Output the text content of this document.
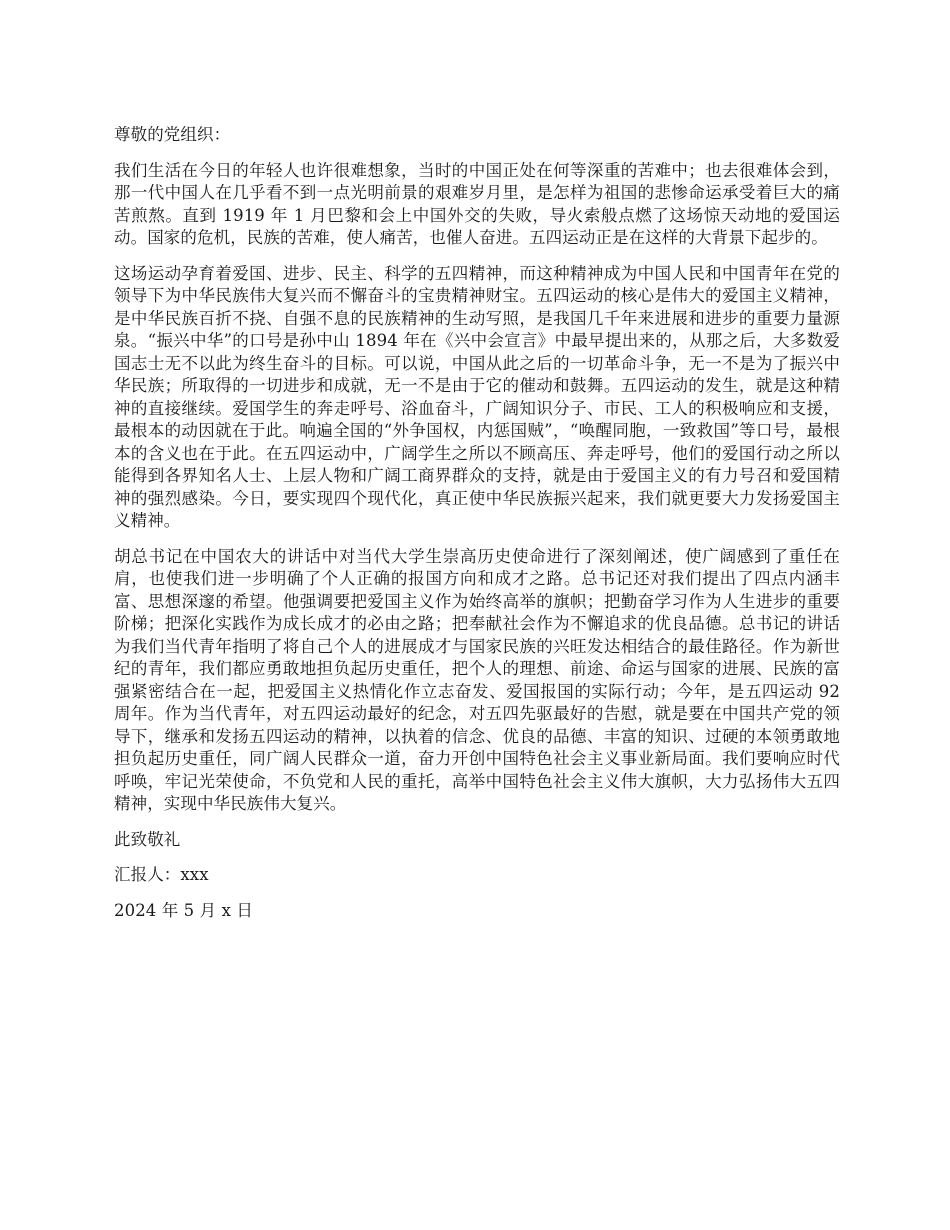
尊敬的党组织：

我们生活在今日的年轻人也许很难想象，当时的中国正处在何等深重的苦难中；也去很难体会到，那一代中国人在几乎看不到一点光明前景的艰难岁月里，是怎样为祖国的悲惨命运承受着巨大的痛苦煎熬。直到 1919 年 1 月巴黎和会上中国外交的失败，导火索般点燃了这场惊天动地的爱国运动。国家的危机，民族的苦难，使人痛苦，也催人奋进。五四运动正是在这样的大背景下起步的。

这场运动孕育着爱国、进步、民主、科学的五四精神，而这种精神成为中国人民和中国青年在党的领导下为中华民族伟大复兴而不懈奋斗的宝贵精神财宝。五四运动的核心是伟大的爱国主义精神，是中华民族百折不挠、自强不息的民族精神的生动写照，是我国几千年来进展和进步的重要力量源泉。“振兴中华”的口号是孙中山 1894 年在《兴中会宣言》中最早提出来的，从那之后，大多数爱国志士无不以此为终生奋斗的目标。可以说，中国从此之后的一切革命斗争，无一不是为了振兴中华民族；所取得的一切进步和成就，无一不是由于它的催动和鼓舞。五四运动的发生，就是这种精神的直接继续。爱国学生的奔走呼号、浴血奋斗，广阔知识分子、市民、工人的积极响应和支援，最根本的动因就在于此。响遍全国的“外争国权，内惩国贼”，“唤醒同胞，一致救国”等口号，最根本的含义也在于此。在五四运动中，广阔学生之所以不顾高压、奔走呼号，他们的爱国行动之所以能得到各界知名人士、上层人物和广阔工商界群众的支持，就是由于爱国主义的有力号召和爱国精神的强烈感染。今日，要实现四个现代化，真正使中华民族振兴起来，我们就更要大力发扬爱国主义精神。

胡总书记在中国农大的讲话中对当代大学生崇高历史使命进行了深刻阐述，使广阔感到了重任在肩，也使我们进一步明确了个人正确的报国方向和成才之路。总书记还对我们提出了四点内涵丰富、思想深邃的希望。他强调要把爱国主义作为始终高举的旗帜；把勤奋学习作为人生进步的重要阶梯；把深化实践作为成长成才的必由之路；把奉献社会作为不懈追求的优良品德。总书记的讲话为我们当代青年指明了将自己个人的进展成才与国家民族的兴旺发达相结合的最佳路径。作为新世纪的青年，我们都应勇敢地担负起历史重任，把个人的理想、前途、命运与国家的进展、民族的富强紧密结合在一起，把爱国主义热情化作立志奋发、爱国报国的实际行动；今年，是五四运动 92 周年。作为当代青年，对五四运动最好的纪念，对五四先驱最好的告慰，就是要在中国共产党的领导下，继承和发扬五四运动的精神，以执着的信念、优良的品德、丰富的知识、过硬的本领勇敢地担负起历史重任，同广阔人民群众一道，奋力开创中国特色社会主义事业新局面。我们要响应时代呼唤，牢记光荣使命，不负党和人民的重托，高举中国特色社会主义伟大旗帜，大力弘扬伟大五四精神，实现中华民族伟大复兴。

此致敬礼

汇报人：xxx

2024 年 5 月 x 日
